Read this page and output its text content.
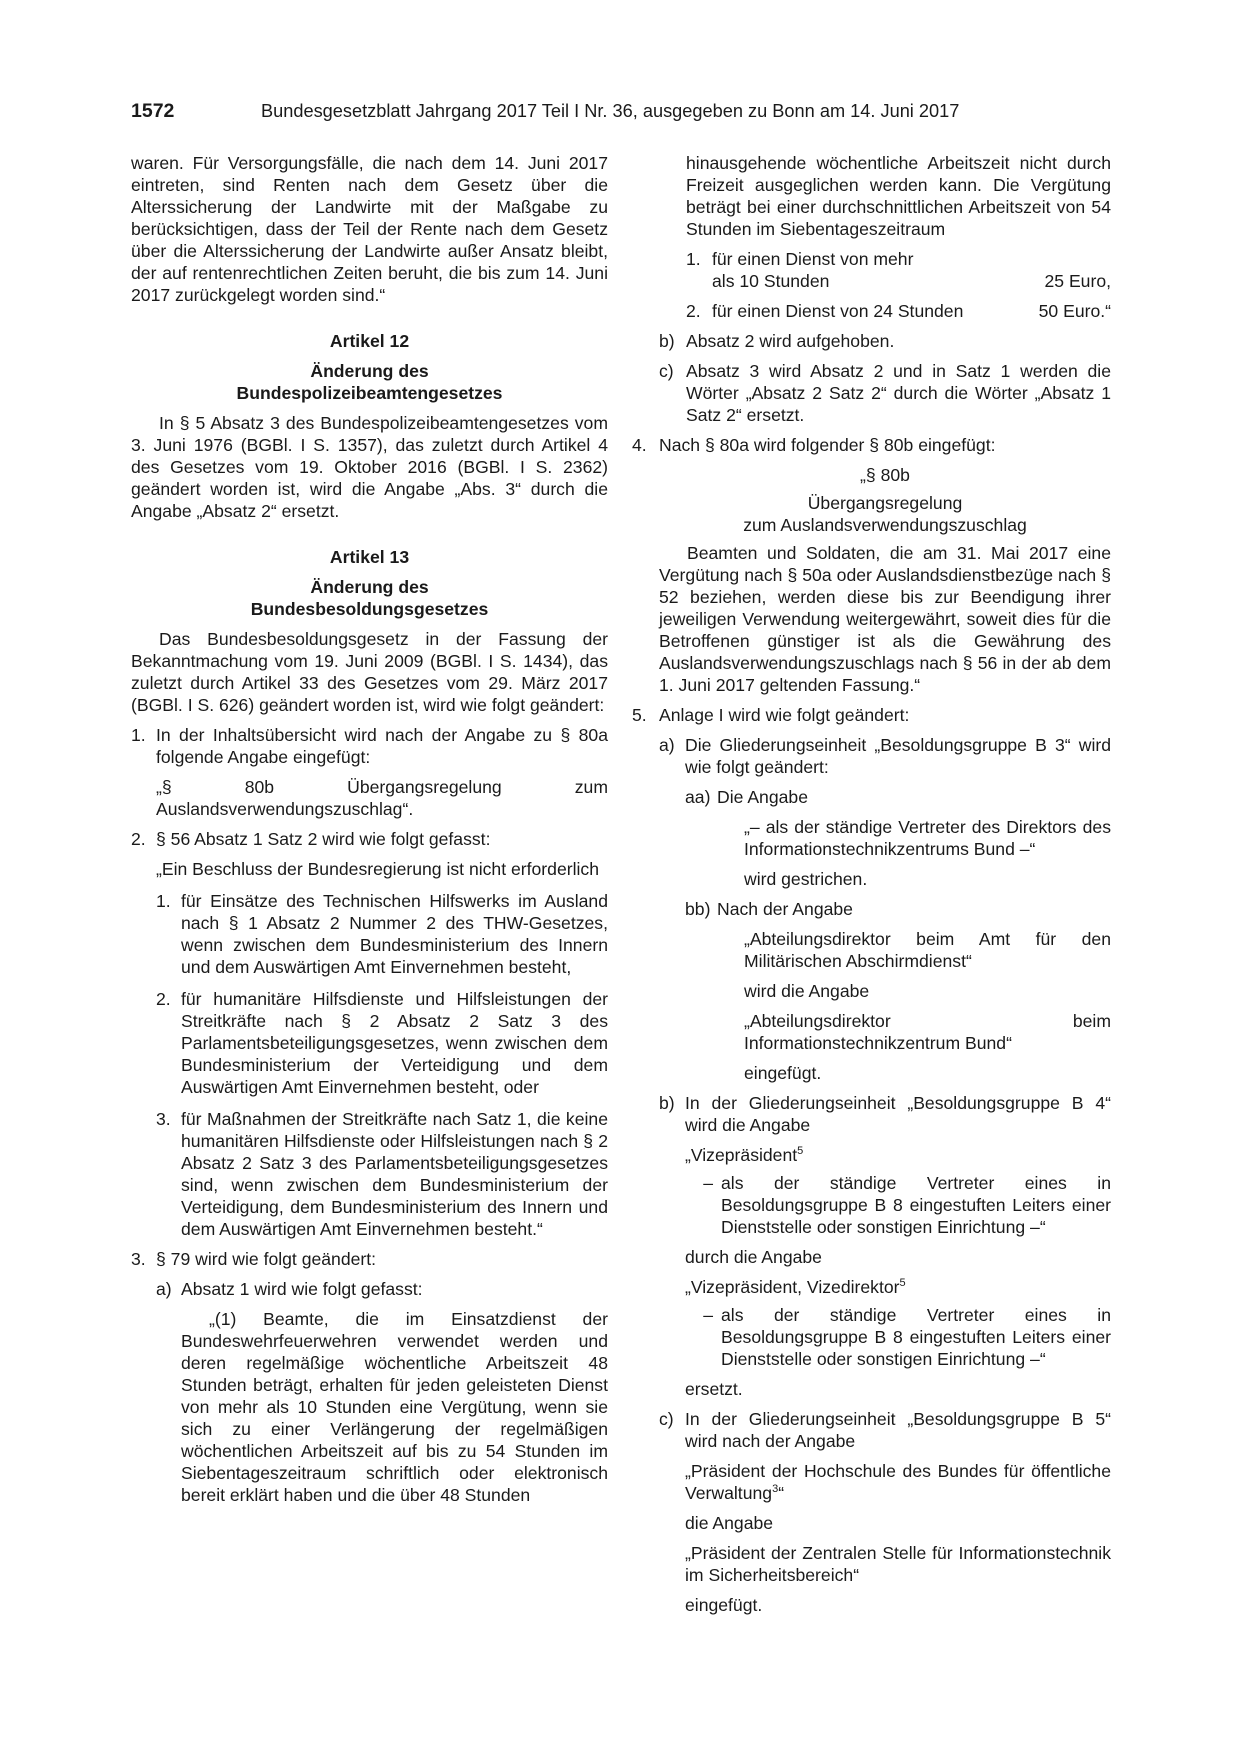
1572	Bundesgesetzblatt Jahrgang 2017 Teil I Nr. 36, ausgegeben zu Bonn am 14. Juni 2017

waren. Für Versorgungsfälle, die nach dem 14. Juni 2017 eintreten, sind Renten nach dem Gesetz über die Alterssicherung der Landwirte mit der Maßgabe zu berücksichtigen, dass der Teil der Rente nach dem Gesetz über die Alterssicherung der Landwirte außer Ansatz bleibt, der auf rentenrechtlichen Zeiten beruht, die bis zum 14. Juni 2017 zurückgelegt worden sind.“

Artikel 12

Änderung des

Bundespolizeibeamtengesetzes

In § 5 Absatz 3 des Bundespolizeibeamtengesetzes vom 3. Juni 1976 (BGBl. I S. 1357), das zuletzt durch Artikel 4 des Gesetzes vom 19. Oktober 2016 (BGBl. I S. 2362) geändert worden ist, wird die Angabe „Abs. 3“ durch die Angabe „Absatz 2“ ersetzt.

Artikel 13

Änderung des

Bundesbesoldungsgesetzes

Das Bundesbesoldungsgesetz in der Fassung der Bekanntmachung vom 19. Juni 2009 (BGBl. I S. 1434), das zuletzt durch Artikel 33 des Gesetzes vom 29. März 2017 (BGBl. I S. 626) geändert worden ist, wird wie folgt geändert:

1. In der Inhaltsübersicht wird nach der Angabe zu § 80a folgende Angabe eingefügt:

„§ 80b Übergangsregelung zum Auslandsverwendungszuschlag“.

2. § 56 Absatz 1 Satz 2 wird wie folgt gefasst:

„Ein Beschluss der Bundesregierung ist nicht erforderlich

1. für Einsätze des Technischen Hilfswerks im Ausland nach § 1 Absatz 2 Nummer 2 des THW-Gesetzes, wenn zwischen dem Bundesministerium des Innern und dem Auswärtigen Amt Einvernehmen besteht,

2. für humanitäre Hilfsdienste und Hilfsleistungen der Streitkräfte nach § 2 Absatz 2 Satz 3 des Parlamentsbeteiligungsgesetzes, wenn zwischen dem Bundesministerium der Verteidigung und dem Auswärtigen Amt Einvernehmen besteht, oder

3. für Maßnahmen der Streitkräfte nach Satz 1, die keine humanitären Hilfsdienste oder Hilfsleistungen nach § 2 Absatz 2 Satz 3 des Parlamentsbeteiligungsgesetzes sind, wenn zwischen dem Bundesministerium der Verteidigung, dem Bundesministerium des Innern und dem Auswärtigen Amt Einvernehmen besteht.“

3. § 79 wird wie folgt geändert:

a) Absatz 1 wird wie folgt gefasst:

„(1) Beamte, die im Einsatzdienst der Bundeswehrfeuerwehren verwendet werden und deren regelmäßige wöchentliche Arbeitszeit 48 Stunden beträgt, erhalten für jeden geleisteten Dienst von mehr als 10 Stunden eine Vergütung, wenn sie sich zu einer Verlängerung der regelmäßigen wöchentlichen Arbeitszeit auf bis zu 54 Stunden im Siebentageszeitraum schriftlich oder elektronisch bereit erklärt haben und die über 48 Stunden

hinausgehende wöchentliche Arbeitszeit nicht durch Freizeit ausgeglichen werden kann. Die Vergütung beträgt bei einer durchschnittlichen Arbeitszeit von 54 Stunden im Siebentageszeitraum

1. für einen Dienst von mehr

als 10 Stunden	25 Euro,
2. für einen Dienst von 24 Stunden	50 Euro.“
b) Absatz 2 wird aufgehoben.

c) Absatz 3 wird Absatz 2 und in Satz 1 werden die Wörter „Absatz 2 Satz 2“ durch die Wörter „Absatz 1 Satz 2“ ersetzt.

4. Nach § 80a wird folgender § 80b eingefügt:

„§ 80b

Übergangsregelung

zum Auslandsverwendungszuschlag

Beamten und Soldaten, die am 31. Mai 2017 eine Vergütung nach § 50a oder Auslandsdienstbezüge nach § 52 beziehen, werden diese bis zur Beendigung ihrer jeweiligen Verwendung weitergewährt, soweit dies für die Betroffenen günstiger ist als die Gewährung des Auslandsverwendungszuschlags nach § 56 in der ab dem 1. Juni 2017 geltenden Fassung.“

5. Anlage I wird wie folgt geändert:

a) Die Gliederungseinheit „Besoldungsgruppe B 3“ wird wie folgt geändert:

aa) Die Angabe

„– als der ständige Vertreter des Direktors des Informationstechnikzentrums Bund –“

wird gestrichen.

bb) Nach der Angabe

„Abteilungsdirektor beim Amt für den Militärischen Abschirmdienst“

wird die Angabe

„Abteilungsdirektor beim Informationstechnikzentrum Bund“

eingefügt.

b) In der Gliederungseinheit „Besoldungsgruppe B 4“ wird die Angabe

„Vizepräsident$^5$

– als der ständige Vertreter eines in Besoldungsgruppe B 8 eingestuften Leiters einer Dienststelle oder sonstigen Einrichtung –“

durch die Angabe

„Vizepräsident, Vizedirektor$^5$

– als der ständige Vertreter eines in Besoldungsgruppe B 8 eingestuften Leiters einer Dienststelle oder sonstigen Einrichtung –“

ersetzt.

c) In der Gliederungseinheit „Besoldungsgruppe B 5“ wird nach der Angabe

„Präsident der Hochschule des Bundes für öffentliche Verwaltung$^3$“

die Angabe

„Präsident der Zentralen Stelle für Informationstechnik im Sicherheitsbereich“

eingefügt.
